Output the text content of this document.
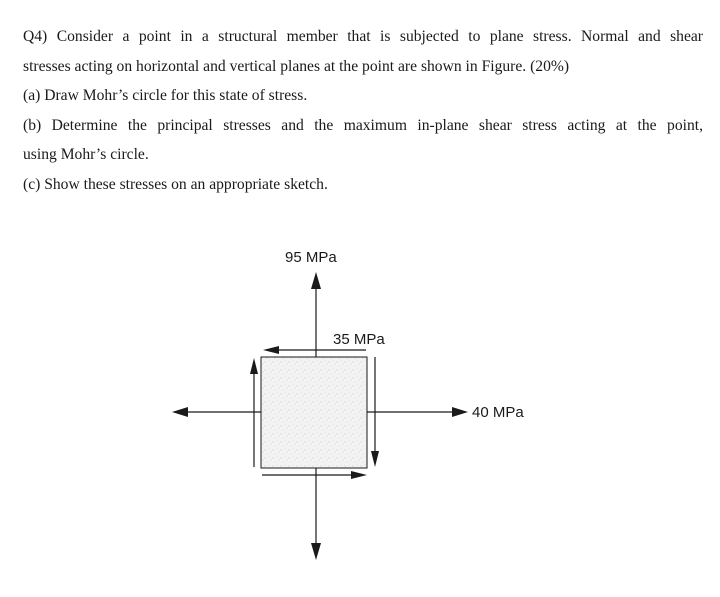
Q4) Consider a point in a structural member that is subjected to plane stress. Normal and shear

stresses acting on horizontal and vertical planes at the point are shown in Figure. (20%)

(a) Draw Mohr’s circle for this state of stress.

(b) Determine the principal stresses and the maximum in-plane shear stress acting at the point,

using Mohr’s circle.

(c) Show these stresses on an appropriate sketch.

95 MPa
35 MPa
40 MPa
